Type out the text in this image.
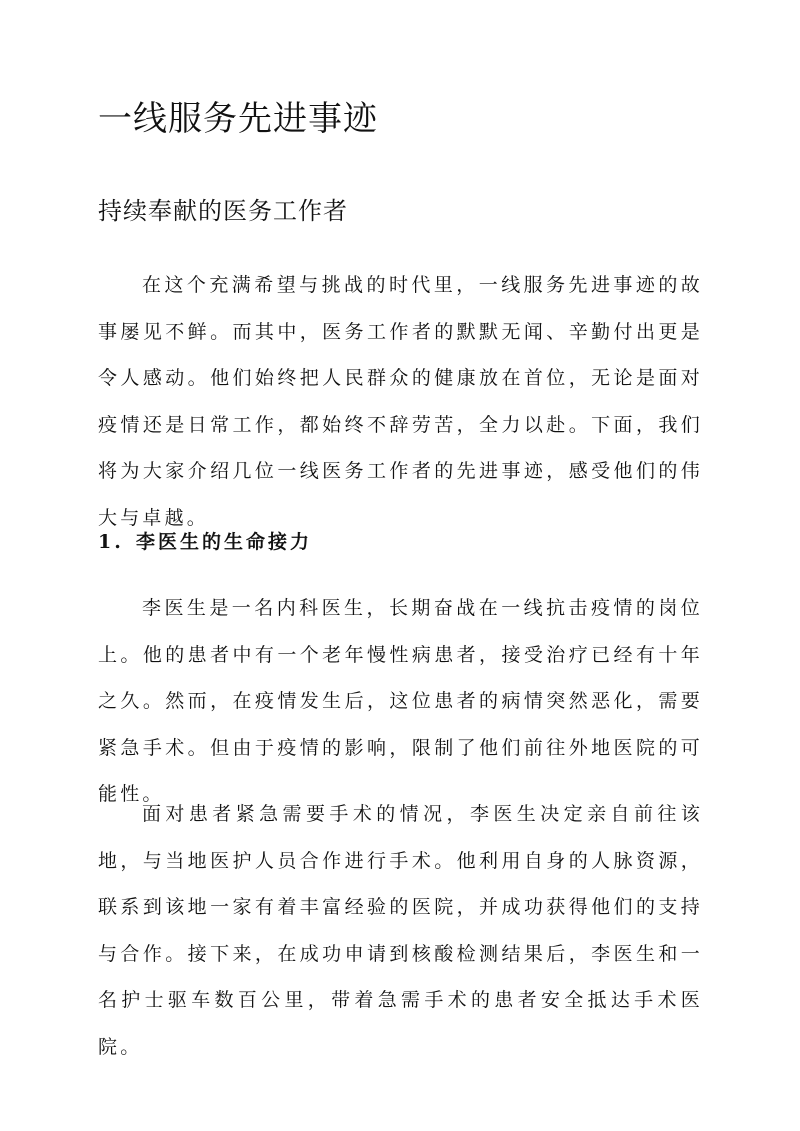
一线服务先进事迹
持续奉献的医务工作者

在这个充满希望与挑战的时代里，一线服务先进事迹的故事屡见不鲜。而其中，医务工作者的默默无闻、辛勤付出更是令人感动。他们始终把人民群众的健康放在首位，无论是面对疫情还是日常工作，都始终不辞劳苦，全力以赴。下面，我们将为大家介绍几位一线医务工作者的先进事迹，感受他们的伟大与卓越。

1. 李医生的生命接力

李医生是一名内科医生，长期奋战在一线抗击疫情的岗位上。他的患者中有一个老年慢性病患者，接受治疗已经有十年之久。然而，在疫情发生后，这位患者的病情突然恶化，需要紧急手术。但由于疫情的影响，限制了他们前往外地医院的可能性。

面对患者紧急需要手术的情况，李医生决定亲自前往该地，与当地医护人员合作进行手术。他利用自身的人脉资源，联系到该地一家有着丰富经验的医院，并成功获得他们的支持与合作。接下来，在成功申请到核酸检测结果后，李医生和一名护士驱车数百公里，带着急需手术的患者安全抵达手术医院。
